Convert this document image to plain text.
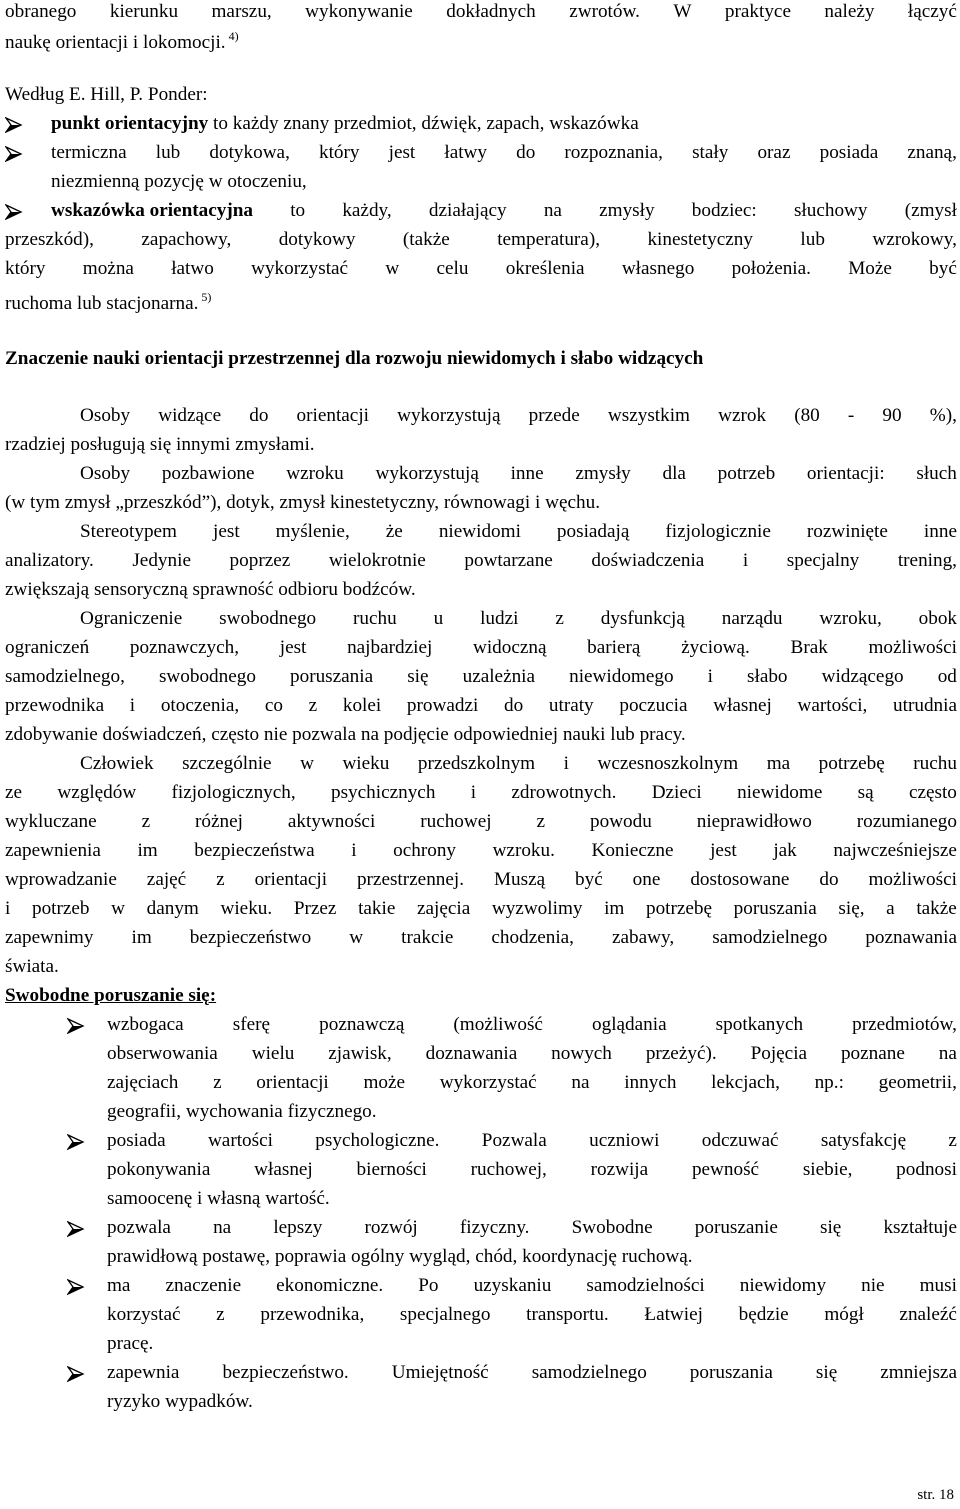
obranego kierunku marszu, wykonywanie dokładnych zwrotów. W praktyce należy łączyć
naukę orientacji i lokomocji. $^{4)}$
Według E. Hill, P. Ponder:
punkt orientacyjny to każdy znany przedmiot, dźwięk, zapach, wskazówka
termiczna lub dotykowa, który jest łatwy do rozpoznania, stały oraz posiada znaną,
niezmienną pozycję w otoczeniu,
wskazówka orientacyjna to każdy, działający na zmysły bodziec: słuchowy (zmysł
przeszkód), zapachowy, dotykowy (także temperatura), kinestetyczny lub wzrokowy,
który można łatwo wykorzystać w celu określenia własnego położenia. Może być
ruchoma lub stacjonarna. $^{5)}$
Znaczenie nauki orientacji przestrzennej dla rozwoju niewidomych i słabo widzących
Osoby widzące do orientacji wykorzystują przede wszystkim wzrok (80 - 90 %),
rzadziej posługują się innymi zmysłami.
Osoby pozbawione wzroku wykorzystują inne zmysły dla potrzeb orientacji: słuch
(w tym zmysł „przeszkód”), dotyk, zmysł kinestetyczny, równowagi i węchu.
Stereotypem jest myślenie, że niewidomi posiadają fizjologicznie rozwinięte inne
analizatory. Jedynie poprzez wielokrotnie powtarzane doświadczenia i specjalny trening,
zwiększają sensoryczną sprawność odbioru bodźców.
Ograniczenie swobodnego ruchu u ludzi z dysfunkcją narządu wzroku, obok
ograniczeń poznawczych, jest najbardziej widoczną barierą życiową. Brak możliwości
samodzielnego, swobodnego poruszania się uzależnia niewidomego i słabo widzącego od
przewodnika i otoczenia, co z kolei prowadzi do utraty poczucia własnej wartości, utrudnia
zdobywanie doświadczeń, często nie pozwala na podjęcie odpowiedniej nauki lub pracy.
Człowiek szczególnie w wieku przedszkolnym i wczesnoszkolnym ma potrzebę ruchu
ze względów fizjologicznych, psychicznych i zdrowotnych. Dzieci niewidome są często
wykluczane z różnej aktywności ruchowej z powodu nieprawidłowo rozumianego
zapewnienia im bezpieczeństwa i ochrony wzroku. Konieczne jest jak najwcześniejsze
wprowadzanie zajęć z orientacji przestrzennej. Muszą być one dostosowane do możliwości
i potrzeb w danym wieku. Przez takie zajęcia wyzwolimy im potrzebę poruszania się, a także
zapewnimy im bezpieczeństwo w trakcie chodzenia, zabawy, samodzielnego poznawania
świata.
Swobodne poruszanie się:
wzbogaca	sferę	poznawczą	(możliwość	oglądania	spotkanych	przedmiotów,
obserwowania wielu zjawisk, doznawania nowych przeżyć). Pojęcia poznane na
zajęciach z orientacji może wykorzystać na innych lekcjach, np.: geometrii,
geografii, wychowania fizycznego.
posiada wartości psychologiczne. Pozwala uczniowi odczuwać satysfakcję z
pokonywania własnej bierności ruchowej, rozwija pewność siebie, podnosi
samoocenę i własną wartość.
pozwala na lepszy rozwój fizyczny. Swobodne poruszanie się kształtuje
prawidłową postawę, poprawia ogólny wygląd, chód, koordynację ruchową.
ma znaczenie ekonomiczne. Po uzyskaniu samodzielności niewidomy nie musi
korzystać z przewodnika, specjalnego transportu. Łatwiej będzie mógł znaleźć
pracę.
zapewnia bezpieczeństwo. Umiejętność samodzielnego poruszania się zmniejsza
ryzyko wypadków.
str. 18
